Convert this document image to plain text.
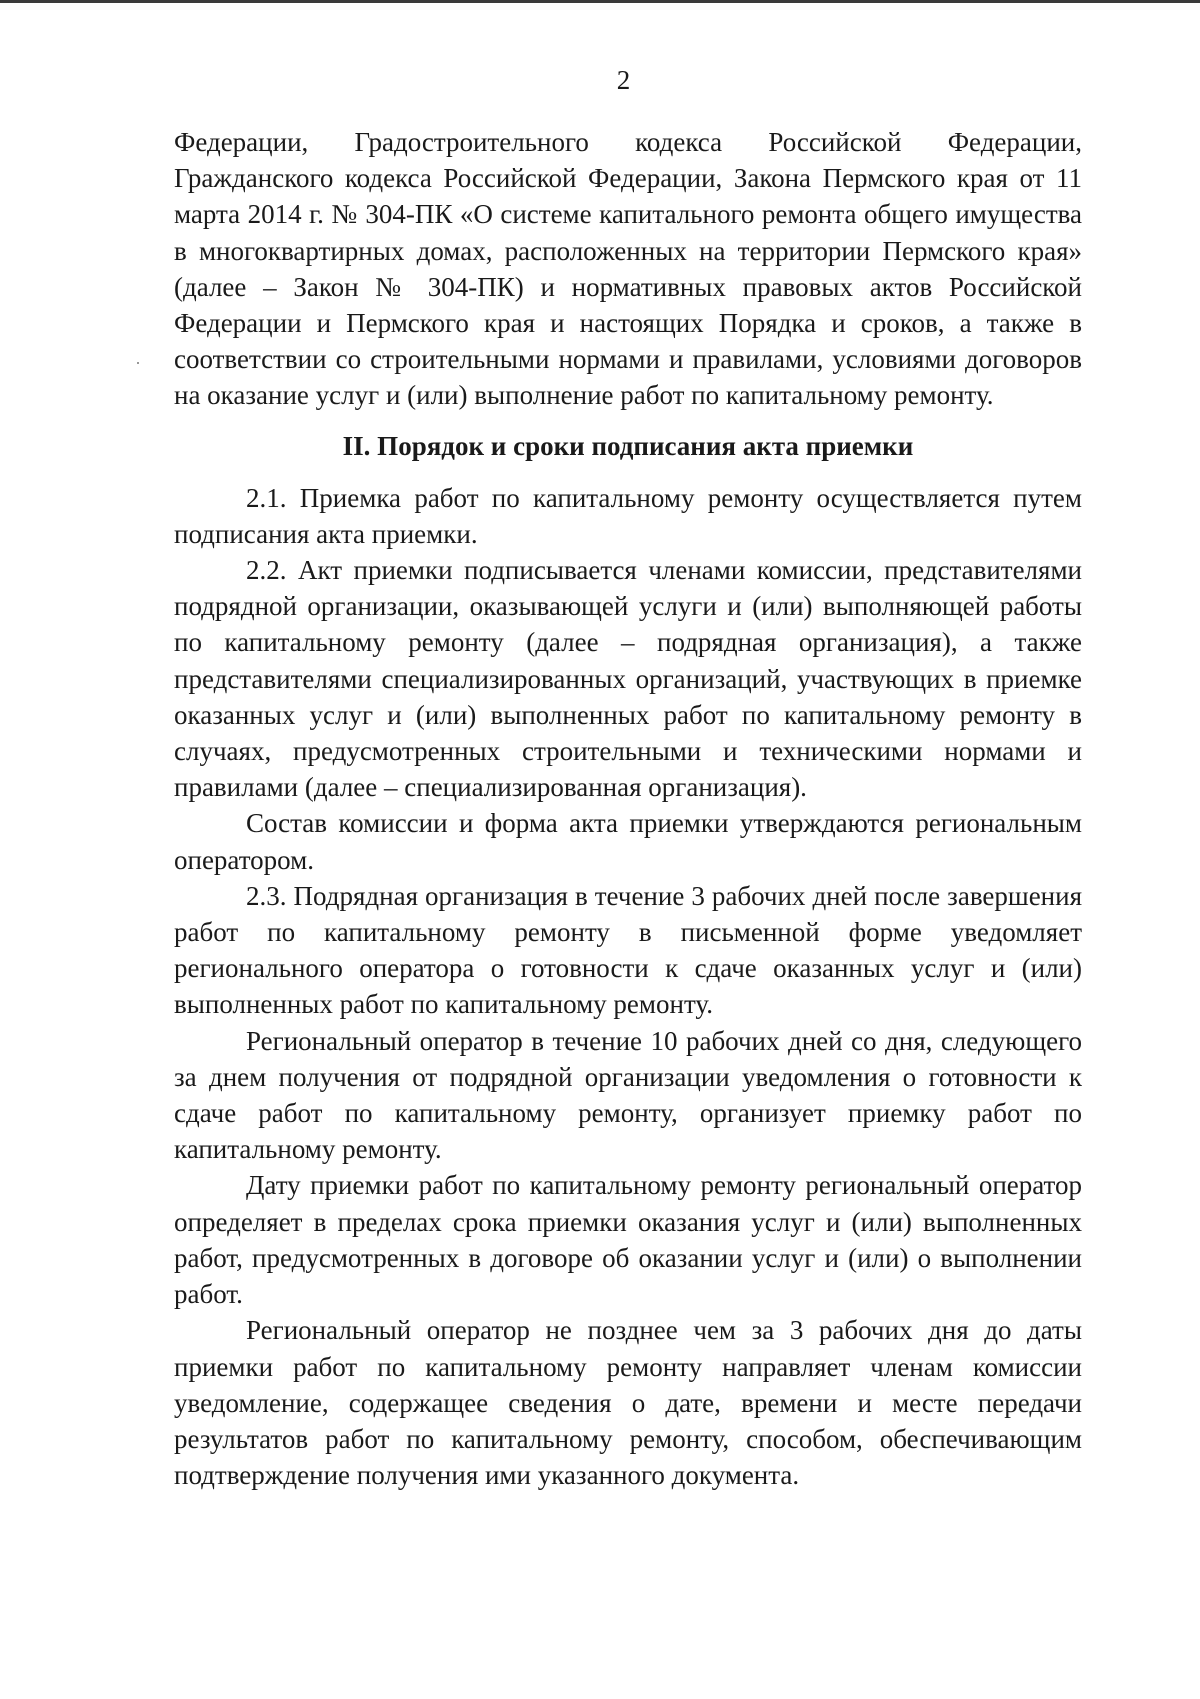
2

Федерации, Градостроительного кодекса Российской Федерации, Гражданского кодекса Российской Федерации, Закона Пермского края от 11 марта 2014 г. № 304-ПК «О системе капитального ремонта общего имущества в многоквартирных домах, расположенных на территории Пермского края» (далее – Закон № 304-ПК) и нормативных правовых актов Российской Федерации и Пермского края и настоящих Порядка и сроков, а также в соответствии со строительными нормами и правилами, условиями договоров на оказание услуг и (или) выполнение работ по капитальному ремонту.

II. Порядок и сроки подписания акта приемки

2.1. Приемка работ по капитальному ремонту осуществляется путем подписания акта приемки.

2.2. Акт приемки подписывается членами комиссии, представителями подрядной организации, оказывающей услуги и (или) выполняющей работы по капитальному ремонту (далее – подрядная организация), а также представителями специализированных организаций, участвующих в приемке оказанных услуг и (или) выполненных работ по капитальному ремонту в случаях, предусмотренных строительными и техническими нормами и правилами (далее – специализированная организация).

Состав комиссии и форма акта приемки утверждаются региональным оператором.

2.3. Подрядная организация в течение 3 рабочих дней после завершения работ по капитальному ремонту в письменной форме уведомляет регионального оператора о готовности к сдаче оказанных услуг и (или) выполненных работ по капитальному ремонту.

Региональный оператор в течение 10 рабочих дней со дня, следующего за днем получения от подрядной организации уведомления о готовности к сдаче работ по капитальному ремонту, организует приемку работ по капитальному ремонту.

Дату приемки работ по капитальному ремонту региональный оператор определяет в пределах срока приемки оказания услуг и (или) выполненных работ, предусмотренных в договоре об оказании услуг и (или) о выполнении работ.

Региональный оператор не позднее чем за 3 рабочих дня до даты приемки работ по капитальному ремонту направляет членам комиссии уведомление, содержащее сведения о дате, времени и месте передачи результатов работ по капитальному ремонту, способом, обеспечивающим подтверждение получения ими указанного документа.
